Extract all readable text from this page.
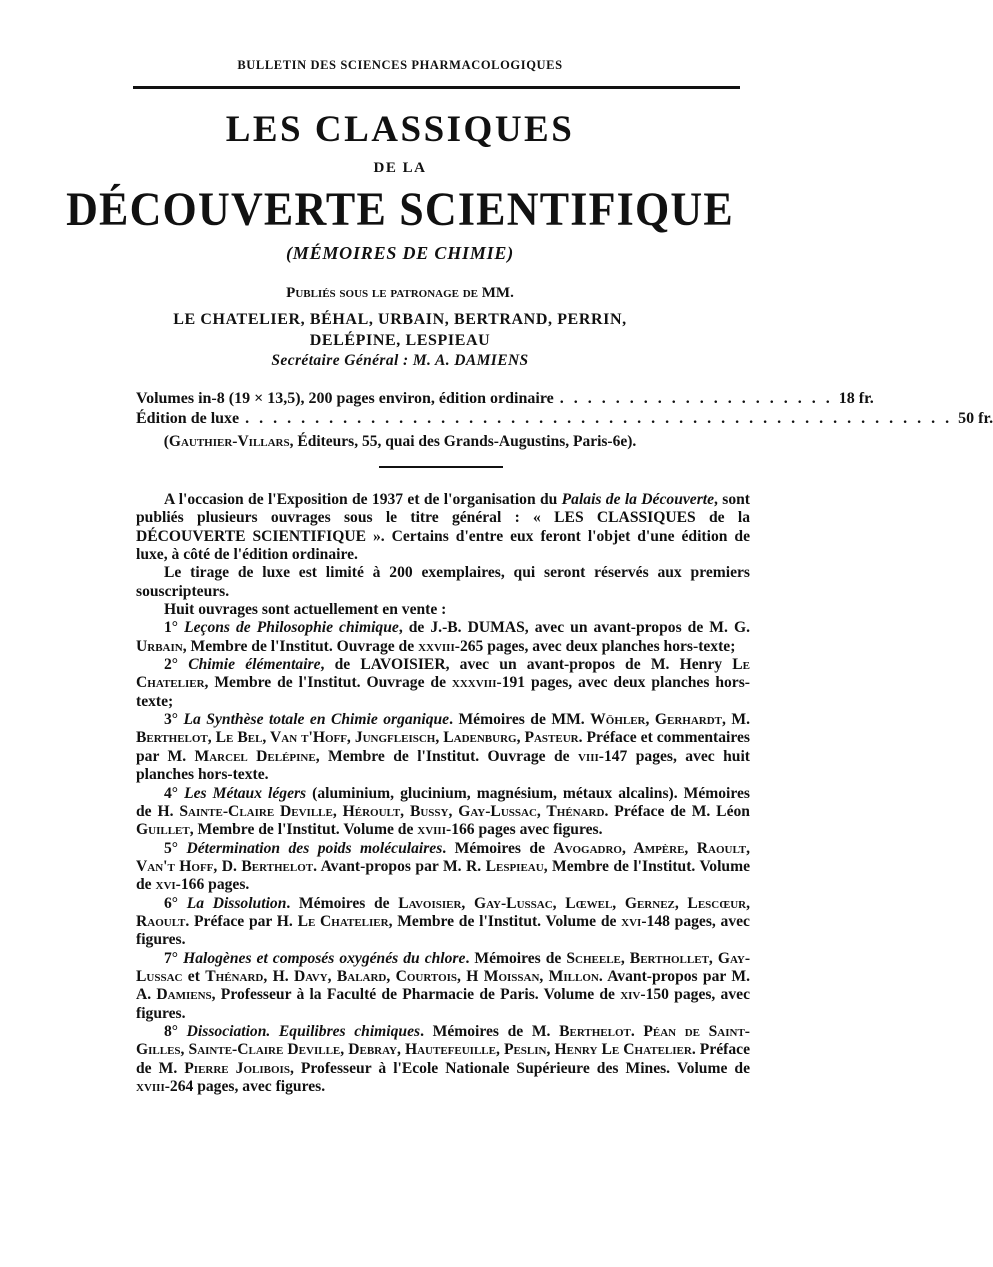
BULLETIN DES SCIENCES PHARMACOLOGIQUES
LES CLASSIQUES
DE LA
DÉCOUVERTE SCIENTIFIQUE
(MÉMOIRES DE CHIMIE)
Publiés sous le patronage de MM.
LE CHATELIER, BÉHAL, URBAIN, BERTRAND, PERRIN,
DELÉPINE, LESPIEAU
Secrétaire Général : M. A. DAMIENS
Volumes in-8 (19 × 13,5), 200 pages environ, édition ordinaire . . . . . . . . . . . . . . . . . . . . 18 fr.
Édition de luxe . . . . . . . . . . . . . . . . . . . . . . . . . . . . . . . . . . . . . . . . . . . . . . . . . . . 50 fr.
(Gauthier-Villars, Éditeurs, 55, quai des Grands-Augustins, Paris-6e).

A l'occasion de l'Exposition de 1937 et de l'organisation du Palais de la Découverte, sont publiés plusieurs ouvrages sous le titre général : « LES CLASSIQUES de la DÉCOUVERTE SCIENTIFIQUE ». Certains d'entre eux feront l'objet d'une édition de luxe, à côté de l'édition ordinaire.

Le tirage de luxe est limité à 200 exemplaires, qui seront réservés aux premiers souscripteurs.

Huit ouvrages sont actuellement en vente :

1° Leçons de Philosophie chimique, de J.-B. DUMAS, avec un avant-propos de M. G. Urbain, Membre de l'Institut. Ouvrage de xxviii-265 pages, avec deux planches hors-texte;

2° Chimie élémentaire, de LAVOISIER, avec un avant-propos de M. Henry Le Chatelier, Membre de l'Institut. Ouvrage de xxxviii-191 pages, avec deux planches hors-texte;

3° La Synthèse totale en Chimie organique. Mémoires de MM. Wöhler, Gerhardt, M. Berthelot, Le Bel, Van t'Hoff, Jungfleisch, Ladenburg, Pasteur. Préface et commentaires par M. Marcel Delépine, Membre de l'Institut. Ouvrage de viii-147 pages, avec huit planches hors-texte.

4° Les Métaux légers (aluminium, glucinium, magnésium, métaux alcalins). Mémoires de H. Sainte-Claire Deville, Héroult, Bussy, Gay-Lussac, Thénard. Préface de M. Léon Guillet, Membre de l'Institut. Volume de xviii-166 pages avec figures.

5° Détermination des poids moléculaires. Mémoires de Avogadro, Ampère, Raoult, Van't Hoff, D. Berthelot. Avant-propos par M. R. Lespieau, Membre de l'Institut. Volume de xvi-166 pages.

6° La Dissolution. Mémoires de Lavoisier, Gay-Lussac, Lœwel, Gernez, Lescœur, Raoult. Préface par H. Le Chatelier, Membre de l'Institut. Volume de xvi-148 pages, avec figures.

7° Halogènes et composés oxygénés du chlore. Mémoires de Scheele, Berthollet, Gay-Lussac et Thénard, H. Davy, Balard, Courtois, H Moissan, Millon. Avant-propos par M. A. Damiens, Professeur à la Faculté de Pharmacie de Paris. Volume de xiv-150 pages, avec figures.

8° Dissociation. Equilibres chimiques. Mémoires de M. Berthelot. Péan de Saint-Gilles, Sainte-Claire Deville, Debray, Hautefeuille, Peslin, Henry Le Chatelier. Préface de M. Pierre Jolibois, Professeur à l'Ecole Nationale Supérieure des Mines. Volume de xviii-264 pages, avec figures.
